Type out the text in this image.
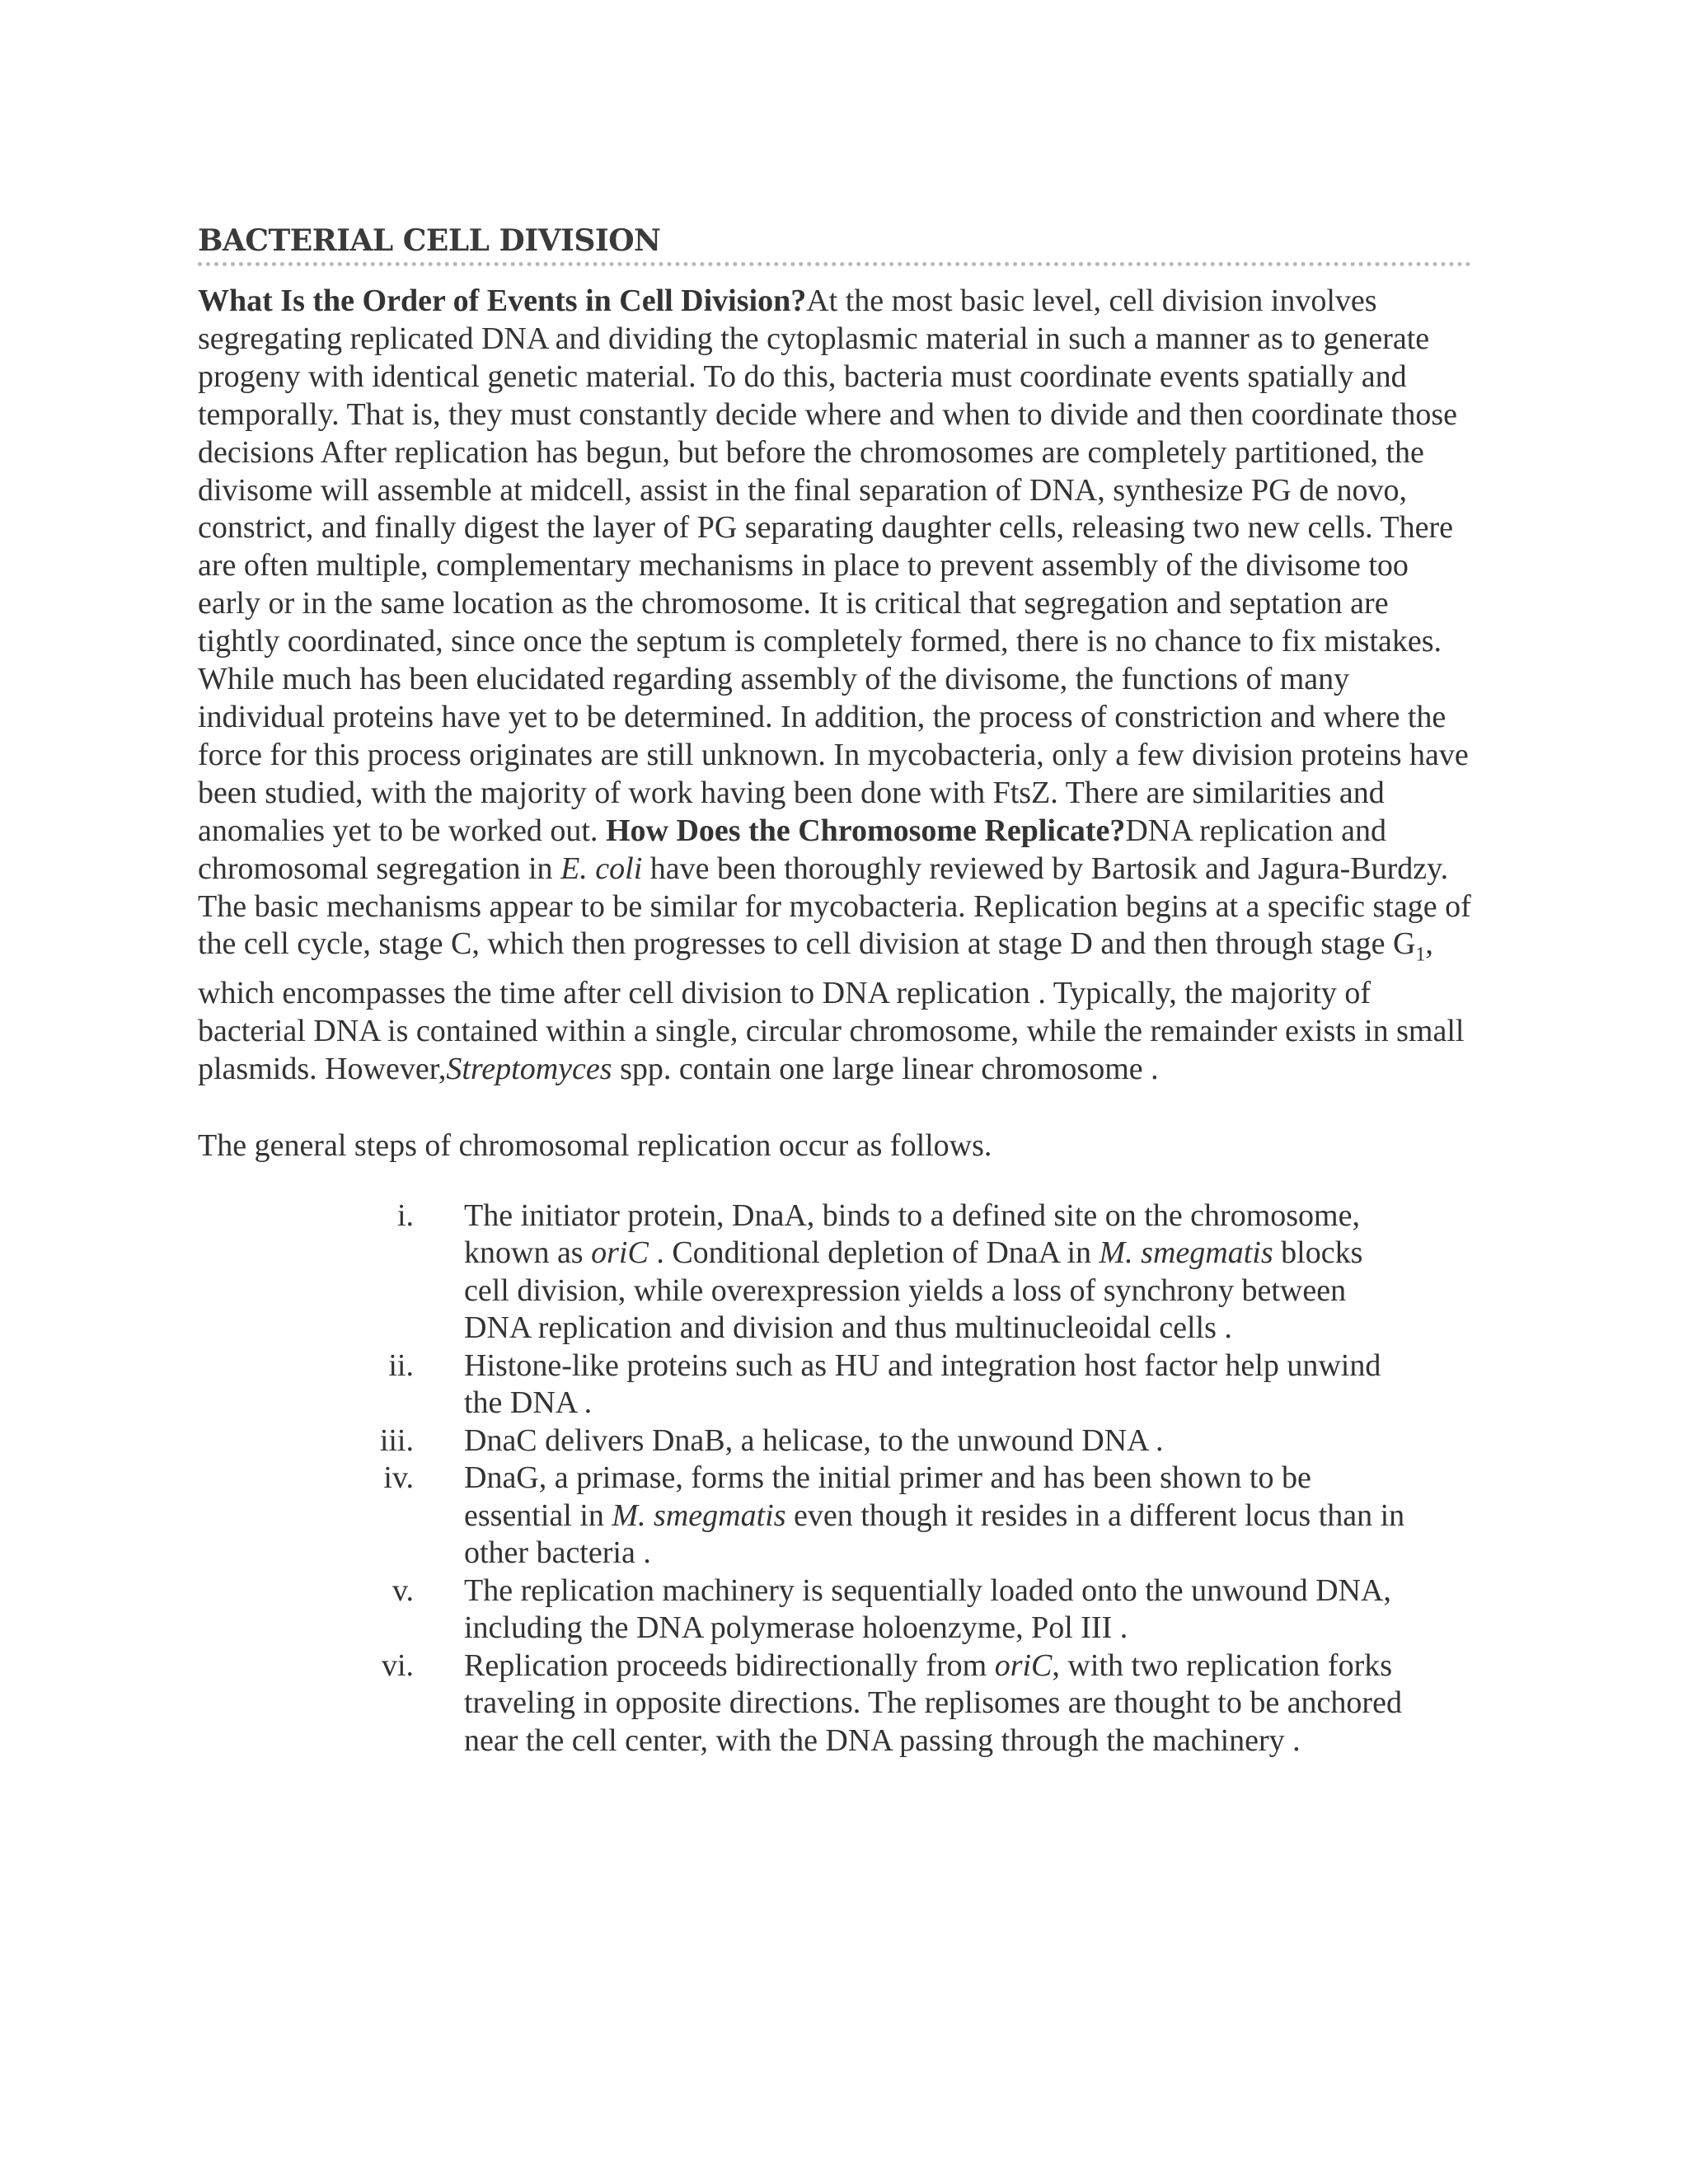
BACTERIAL CELL DIVISION

What Is the Order of Events in Cell Division?At the most basic level, cell division involves segregating replicated DNA and dividing the cytoplasmic material in such a manner as to generate progeny with identical genetic material. To do this, bacteria must coordinate events spatially and temporally. That is, they must constantly decide where and when to divide and then coordinate those decisions After replication has begun, but before the chromosomes are completely partitioned, the divisome will assemble at midcell, assist in the final separation of DNA, synthesize PG de novo, constrict, and finally digest the layer of PG separating daughter cells, releasing two new cells. There are often multiple, complementary mechanisms in place to prevent assembly of the divisome too early or in the same location as the chromosome. It is critical that segregation and septation are tightly coordinated, since once the septum is completely formed, there is no chance to fix mistakes. While much has been elucidated regarding assembly of the divisome, the functions of many individual proteins have yet to be determined. In addition, the process of constriction and where the force for this process originates are still unknown. In mycobacteria, only a few division proteins have been studied, with the majority of work having been done with FtsZ. There are similarities and anomalies yet to be worked out. How Does the Chromosome Replicate?DNA replication and chromosomal segregation in E. coli have been thoroughly reviewed by Bartosik and Jagura-Burdzy. The basic mechanisms appear to be similar for mycobacteria. Replication begins at a specific stage of the cell cycle, stage C, which then progresses to cell division at stage D and then through stage $G_1$, which encompasses the time after cell division to DNA replication . Typically, the majority of bacterial DNA is contained within a single, circular chromosome, while the remainder exists in small plasmids. However,Streptomyces spp. contain one large linear chromosome .

The general steps of chromosomal replication occur as follows.

i. The initiator protein, DnaA, binds to a defined site on the chromosome, known as oriC . Conditional depletion of DnaA in M. smegmatis blocks cell division, while overexpression yields a loss of synchrony between DNA replication and division and thus multinucleoidal cells .
ii. Histone-like proteins such as HU and integration host factor help unwind the DNA .
iii. DnaC delivers DnaB, a helicase, to the unwound DNA .
iv. DnaG, a primase, forms the initial primer and has been shown to be essential in M. smegmatis even though it resides in a different locus than in other bacteria .
v. The replication machinery is sequentially loaded onto the unwound DNA, including the DNA polymerase holoenzyme, Pol III .
vi. Replication proceeds bidirectionally from oriC, with two replication forks traveling in opposite directions. The replisomes are thought to be anchored near the cell center, with the DNA passing through the machinery .
